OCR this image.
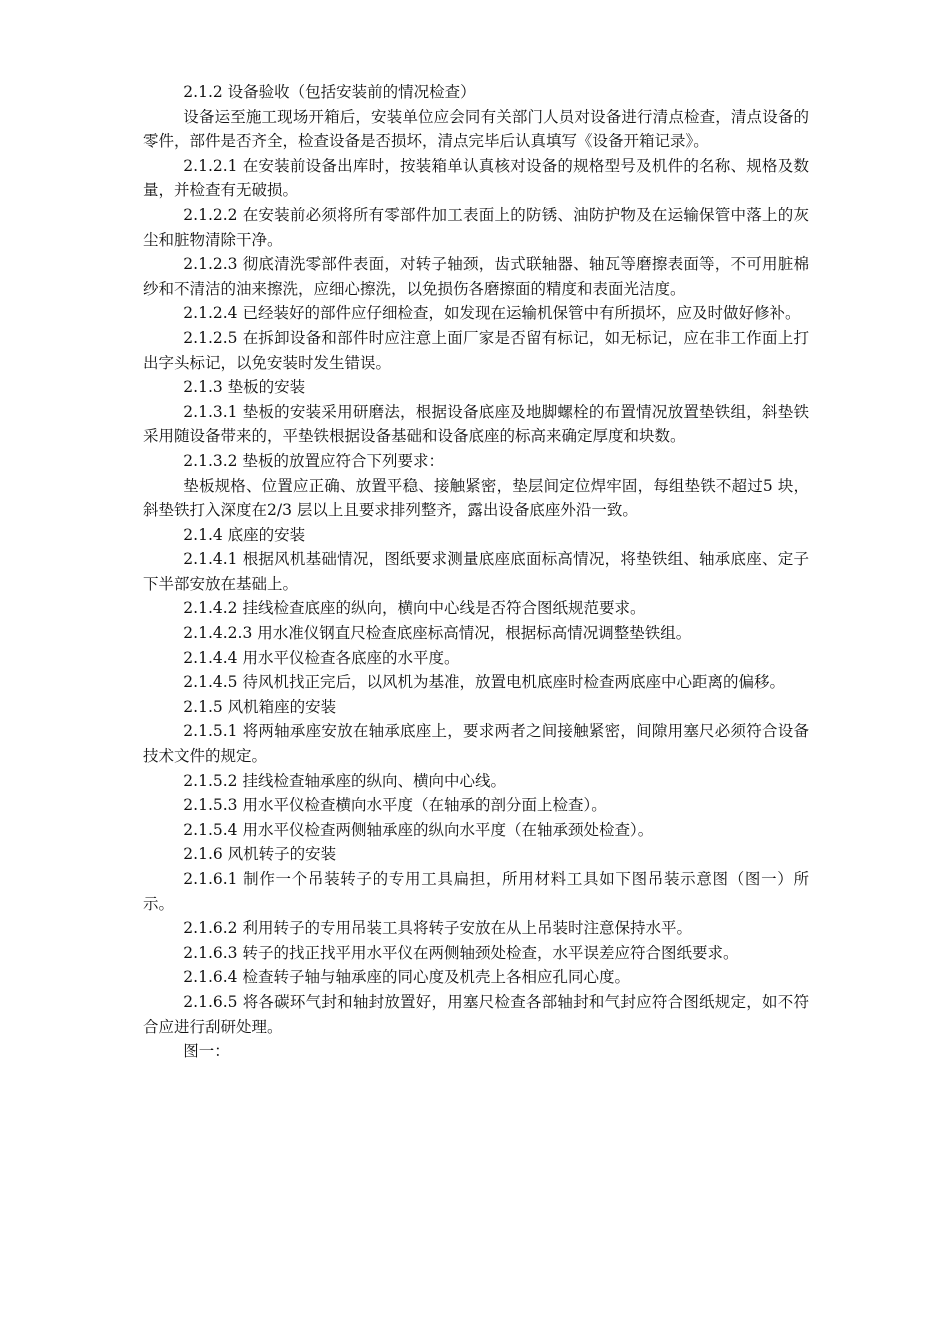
2.1.2 设备验收（包括安装前的情况检查）

设备运至施工现场开箱后，安装单位应会同有关部门人员对设备进行清点检查，清点设备的零件，部件是否齐全，检查设备是否损坏，清点完毕后认真填写《设备开箱记录》。

2.1.2.1 在安装前设备出库时，按装箱单认真核对设备的规格型号及机件的名称、规格及数量，并检查有无破损。

2.1.2.2 在安装前必须将所有零部件加工表面上的防锈、油防护物及在运输保管中落上的灰尘和脏物清除干净。

2.1.2.3 彻底清洗零部件表面，对转子轴颈，齿式联轴器、轴瓦等磨擦表面等，不可用脏棉纱和不清洁的油来擦洗，应细心擦洗，以免损伤各磨擦面的精度和表面光洁度。

2.1.2.4 已经装好的部件应仔细检查，如发现在运输机保管中有所损坏，应及时做好修补。

2.1.2.5 在拆卸设备和部件时应注意上面厂家是否留有标记，如无标记，应在非工作面上打出字头标记，以免安装时发生错误。

2.1.3 垫板的安装

2.1.3.1 垫板的安装采用研磨法，根据设备底座及地脚螺栓的布置情况放置垫铁组，斜垫铁采用随设备带来的，平垫铁根据设备基础和设备底座的标高来确定厚度和块数。

2.1.3.2 垫板的放置应符合下列要求：

垫板规格、位置应正确、放置平稳、接触紧密，垫层间定位焊牢固，每组垫铁不超过5 块，斜垫铁打入深度在2/3 层以上且要求排列整齐，露出设备底座外沿一致。

2.1.4 底座的安装

2.1.4.1 根据风机基础情况，图纸要求测量底座底面标高情况，将垫铁组、轴承底座、定子下半部安放在基础上。

2.1.4.2 挂线检查底座的纵向，横向中心线是否符合图纸规范要求。

2.1.4.2.3 用水准仪钢直尺检查底座标高情况，根据标高情况调整垫铁组。

2.1.4.4 用水平仪检查各底座的水平度。

2.1.4.5 待风机找正完后，以风机为基准，放置电机底座时检查两底座中心距离的偏移。

2.1.5 风机箱座的安装

2.1.5.1 将两轴承座安放在轴承底座上，要求两者之间接触紧密，间隙用塞尺必须符合设备技术文件的规定。

2.1.5.2 挂线检查轴承座的纵向、横向中心线。

2.1.5.3 用水平仪检查横向水平度（在轴承的剖分面上检查）。

2.1.5.4 用水平仪检查两侧轴承座的纵向水平度（在轴承颈处检查）。

2.1.6 风机转子的安装

2.1.6.1 制作一个吊装转子的专用工具扁担，所用材料工具如下图吊装示意图（图一）所示。

2.1.6.2 利用转子的专用吊装工具将转子安放在从上吊装时注意保持水平。

2.1.6.3 转子的找正找平用水平仪在两侧轴颈处检查，水平误差应符合图纸要求。

2.1.6.4 检查转子轴与轴承座的同心度及机壳上各相应孔同心度。

2.1.6.5 将各碳环气封和轴封放置好，用塞尺检查各部轴封和气封应符合图纸规定，如不符合应进行刮研处理。

图一：
